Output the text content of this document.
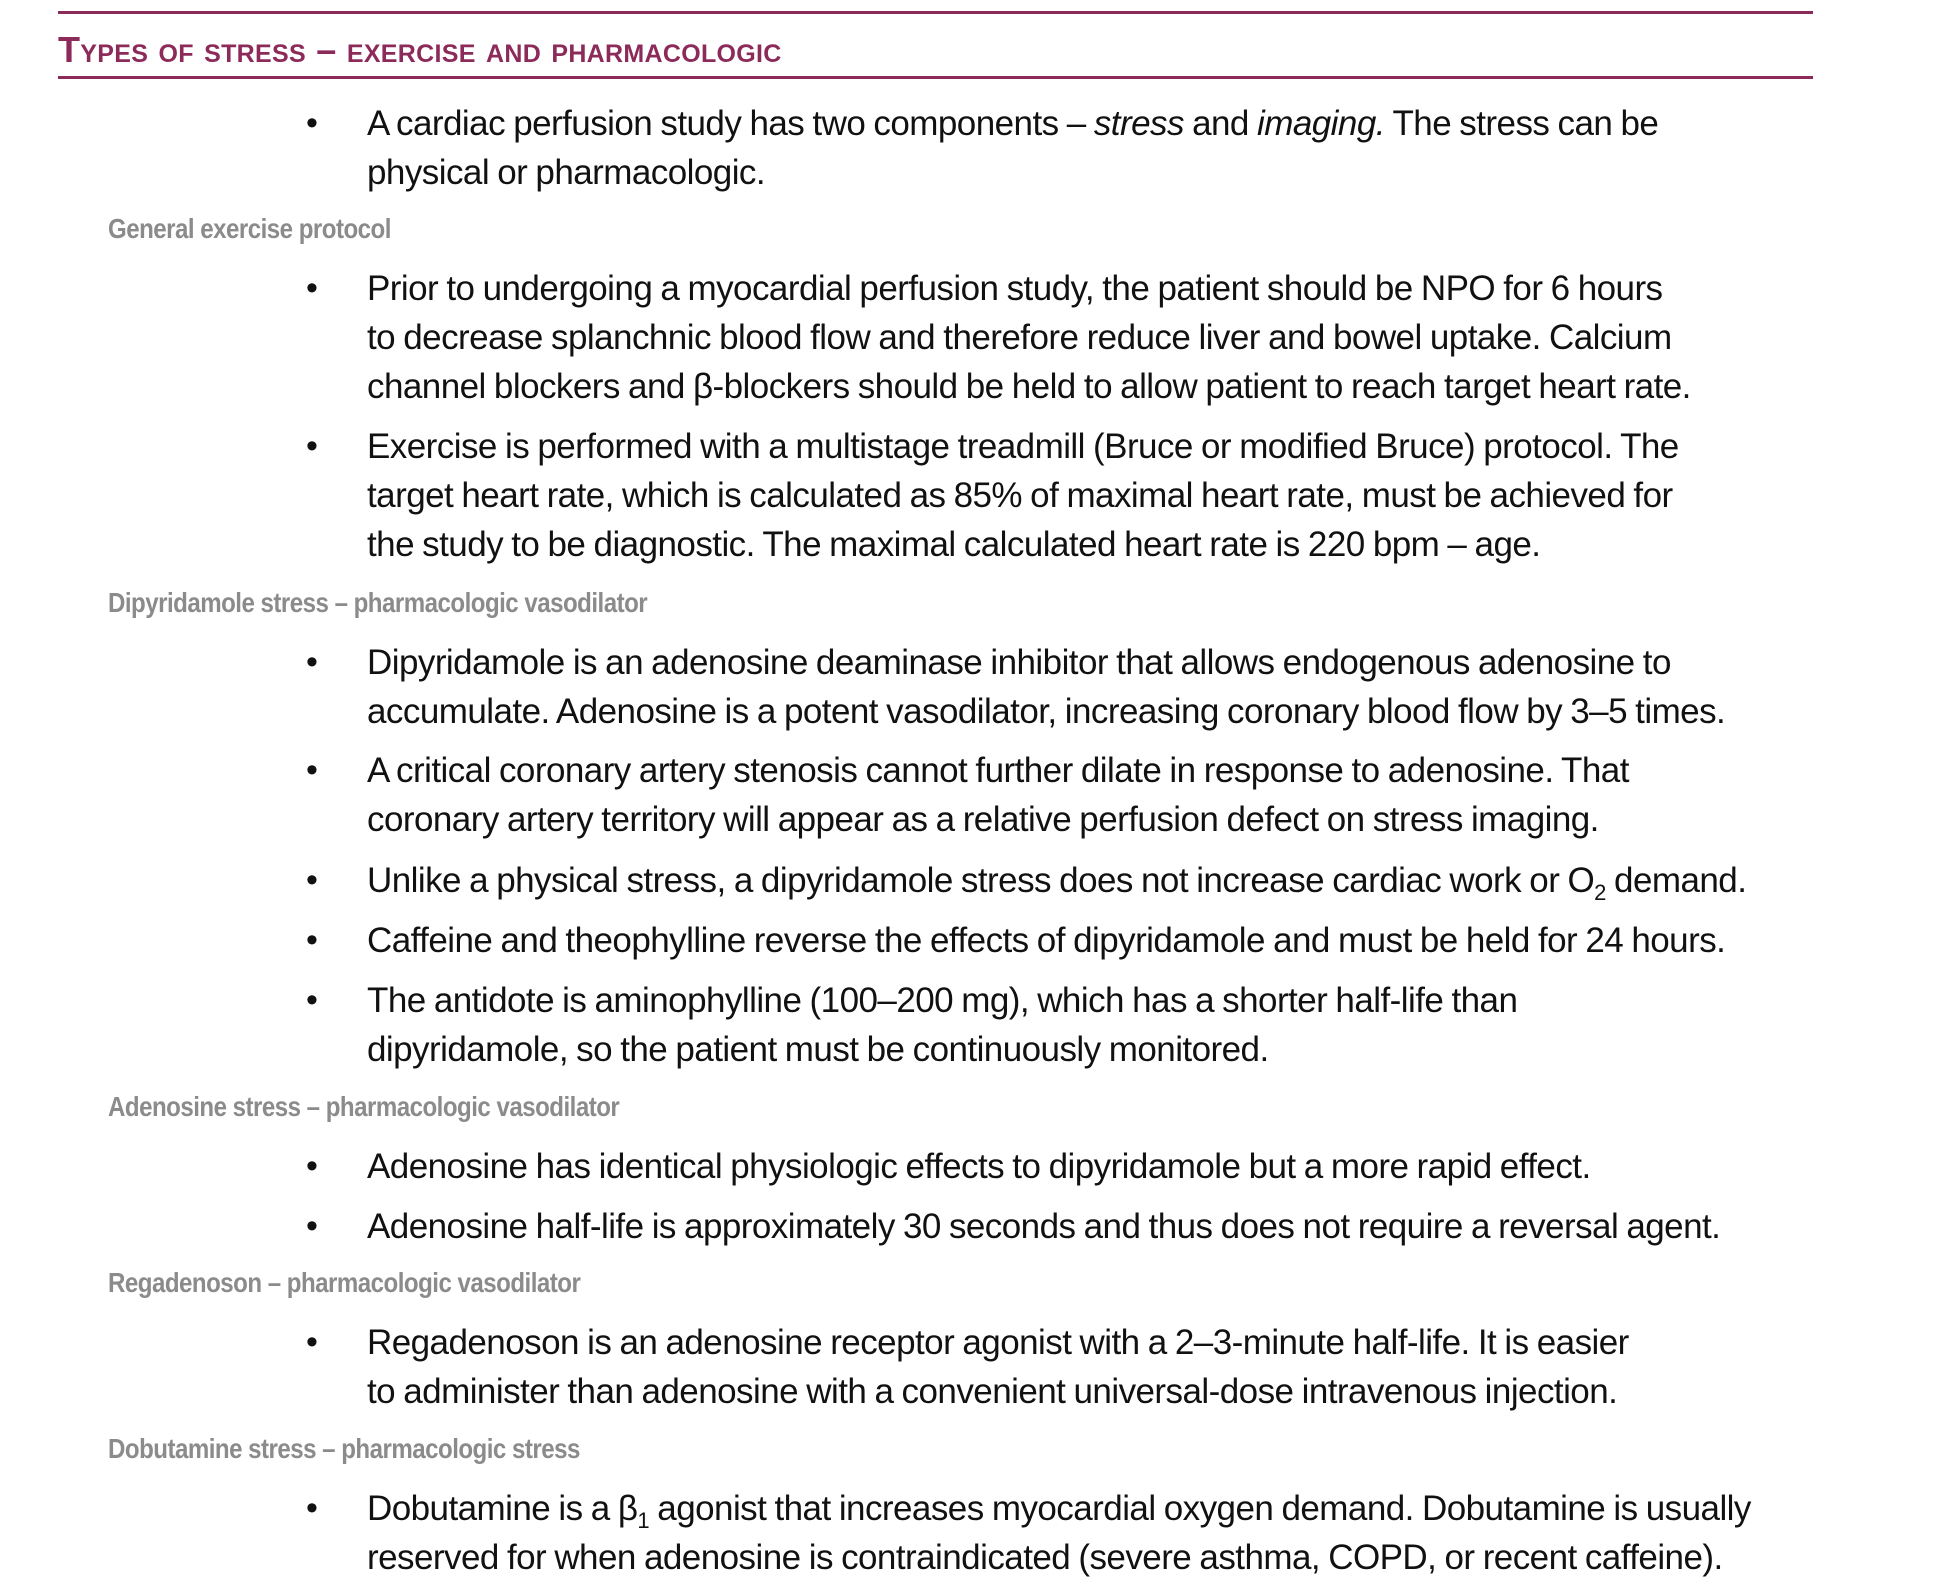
Types of stress – exercise and pharmacologic
• A cardiac perfusion study has two components – stress and imaging. The stress can be
physical or pharmacologic.

General exercise protocol
• Prior to undergoing a myocardial perfusion study, the patient should be NPO for 6 hours
to decrease splanchnic blood flow and therefore reduce liver and bowel uptake. Calcium
channel blockers and β-blockers should be held to allow patient to reach target heart rate.

• Exercise is performed with a multistage treadmill (Bruce or modified Bruce) protocol. The
target heart rate, which is calculated as 85% of maximal heart rate, must be achieved for
the study to be diagnostic. The maximal calculated heart rate is 220 bpm – age.

Dipyridamole stress – pharmacologic vasodilator
• Dipyridamole is an adenosine deaminase inhibitor that allows endogenous adenosine to
accumulate. Adenosine is a potent vasodilator, increasing coronary blood flow by 3–5 times.

• A critical coronary artery stenosis cannot further dilate in response to adenosine. That
coronary artery territory will appear as a relative perfusion defect on stress imaging.

• Unlike a physical stress, a dipyridamole stress does not increase cardiac work or $O_2$ demand.

• Caffeine and theophylline reverse the effects of dipyridamole and must be held for 24 hours.

• The antidote is aminophylline (100–200 mg), which has a shorter half-life than
dipyridamole, so the patient must be continuously monitored.

Adenosine stress – pharmacologic vasodilator
• Adenosine has identical physiologic effects to dipyridamole but a more rapid effect.

• Adenosine half-life is approximately 30 seconds and thus does not require a reversal agent.

Regadenoson – pharmacologic vasodilator
• Regadenoson is an adenosine receptor agonist with a 2–3-minute half-life. It is easier
to administer than adenosine with a convenient universal-dose intravenous injection.

Dobutamine stress – pharmacologic stress
• Dobutamine is a $\beta_1$ agonist that increases myocardial oxygen demand. Dobutamine is usually
reserved for when adenosine is contraindicated (severe asthma, COPD, or recent caffeine).
